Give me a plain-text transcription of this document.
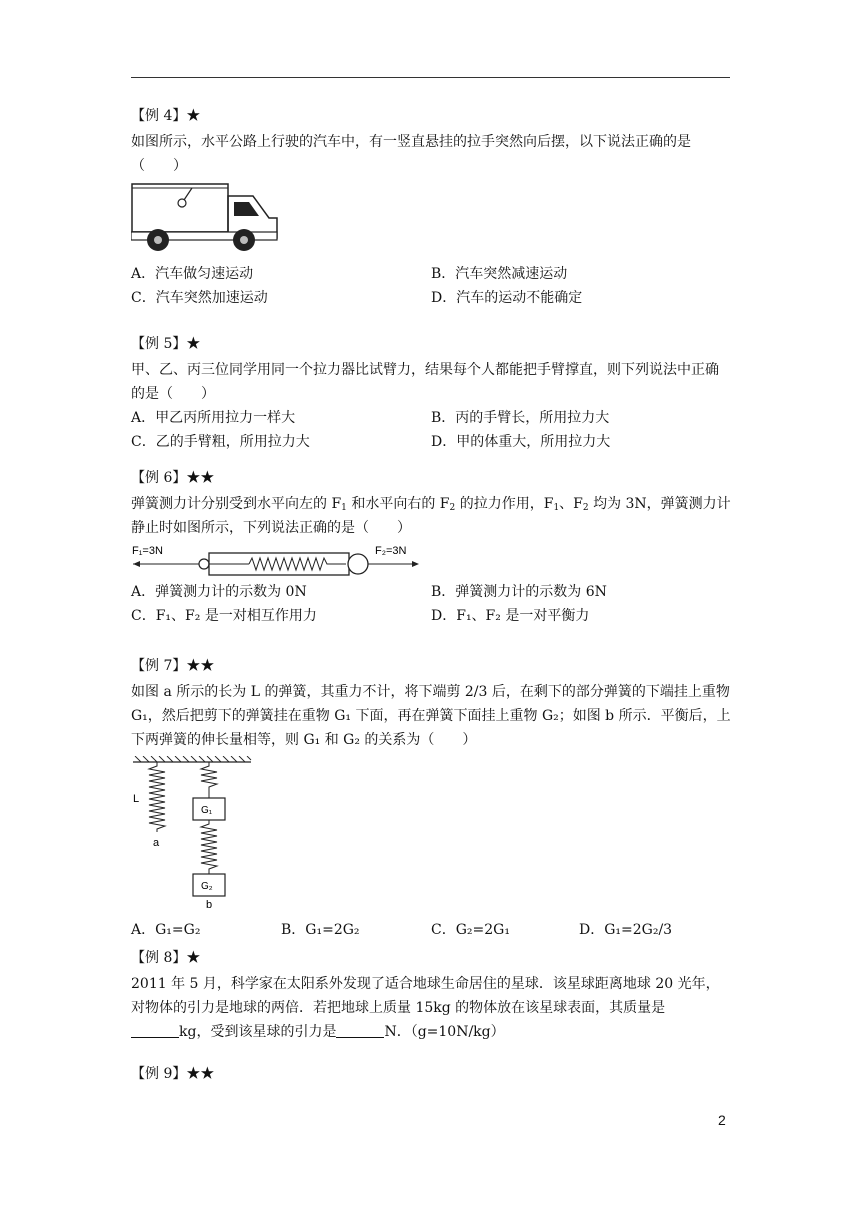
【例 4】★
如图所示，水平公路上行驶的汽车中，有一竖直悬挂的拉手突然向后摆，以下说法正确的是（　　）
A．汽车做匀速运动	B．汽车突然减速运动
C．汽车突然加速运动	D．汽车的运动不能确定
【例 5】★
甲、乙、丙三位同学用同一个拉力器比试臂力，结果每个人都能把手臂撑直，则下列说法中正确的是（　　）
A．甲乙丙所用拉力一样大	B．丙的手臂长，所用拉力大
C．乙的手臂粗，所用拉力大	D．甲的体重大，所用拉力大
【例 6】★★
弹簧测力计分别受到水平向左的 $F_1$ 和水平向右的 $F_2$ 的拉力作用，$F_1$、$F_2$ 均为 3N，弹簧测力计静止时如图所示，下列说法正确的是（　　）
F₁=3N	F₂=3N
A．弹簧测力计的示数为 0N	B．弹簧测力计的示数为 6N
C．F₁、F₂ 是一对相互作用力	D．F₁、F₂ 是一对平衡力
【例 7】★★
如图 a 所示的长为 L 的弹簧，其重力不计，将下端剪 2/3 后，在剩下的部分弹簧的下端挂上重物 G₁，然后把剪下的弹簧挂在重物 G₁ 下面，再在弹簧下面挂上重物 G₂；如图 b 所示．平衡后，上下两弹簧的伸长量相等，则 G₁ 和 G₂ 的关系为（　　）
L
a
G₁
G₂
b
A．G₁=G₂	B．G₁=2G₂	C．G₂=2G₁	D．G₁=2G₂/3
【例 8】★
2011 年 5 月，科学家在太阳系外发现了适合地球生命居住的星球．该星球距离地球 20 光年，对物体的引力是地球的两倍．若把地球上质量 15kg 的物体放在该星球表面，其质量是
kg，受到该星球的引力是	N．（g=10N/kg）
【例 9】★★
2
